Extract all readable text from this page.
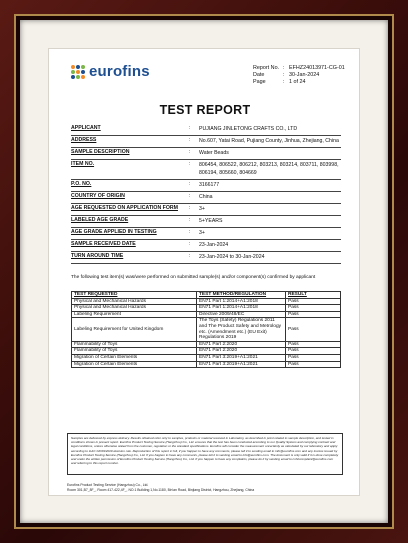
eurofins	Report No. : EFHZ24013971-CG-01
Date	: 30-Jan-2024
Page	: 1 of 24
TEST REPORT
APPLICANT	: PUJIANG JINLETONG CRAFTS CO., LTD
ADDRESS	: No.607, Yatai Road, Pujiang County, Jinhua, Zhejiang, China
SAMPLE DESCRIPTION	: Water Beads
ITEM NO.	: 806454, 806522, 806212, 803213, 803214, 803711, 803998, 806194, 805660, 804669
P.O. NO.	: 3166177
COUNTRY OF ORIGIN	: China
AGE REQUESTED ON APPLICATION FORM : 3+
LABELED AGE GRADE	: 5+YEARS
AGE GRADE APPLIED IN TESTING	: 3+
SAMPLE RECEIVED DATE	: 23-Jan-2024
TURN AROUND TIME	: 23-Jan-2024 to 30-Jan-2024
The following test item(s) was/were performed on submitted sample(s) and/or component(s) confirmed by applicant
TEST REQUESTED	TEST METHOD/REGULATION	RESULT
Physical and Mechanical Hazards	EN71 Part 1:2014+A1:2018	Pass
Physical and Mechanical Hazards	EN71 Part 1:2014+A1:2018	Pass
Labeling Requirement	Directive 2009/48/EC	Pass
Labeling Requirement for United Kingdom	The Toys (Safety) Regulations 2011 and The Product Safety and Metrology etc. (Amendment etc.) (EU Exit) Regulations 2019	Pass
Flammability of Toys	EN71 Part 2:2020	Pass
Flammability of Toys	EN71 Part 2:2020	Pass
Migration of Certain Elements	EN71 Part 3:2019+A1:2021	Pass
Migration of Certain Elements	EN71 Part 3:2019+A1:2021	Pass
Samples are delivered by express delivery. Results obtained refer only to samples, products or material received in Laboratory, as described in point related to sample description, and tested in conditions shown in present report. Eurofins Product Testing Service (Hangzhou) Co., Ltd. ensures that the test has been conducted according to our Quality System and complying contract and legal conditions, unless otherwise stated from the customer, regulation or the standard specifications. Eurofins will consider the measurement uncertainty as calculated by our laboratory and apply according to ILAC G8:09/2019 decision rule. Reproduction of this report in full, if you happen to have any comments, please tell it to sending email to info@eurofins.com and any invoice issued by Eurofins Product Testing Service (Hangzhou) Co., Ltd. If you happen to have any comments, please tell it to sending email to info@eurofins.com. The document is only valid if it is done completely and under the written permission of Eurofins Product Testing Service (Hangzhou) Co., Ltd. If you happen to have any complaints, please do it by sending email to cnhzcomplaint@eurofins.com and referring to this report number.
Eurofins Product Testing Service (Hangzhou) Co., Ltd.
Room 301,B7_8F_, Room 417-422,4F_, NO.1 Building 1,No.1180, Bin'an Road, Binjiang District, Hangzhou, Zhejiang, China
